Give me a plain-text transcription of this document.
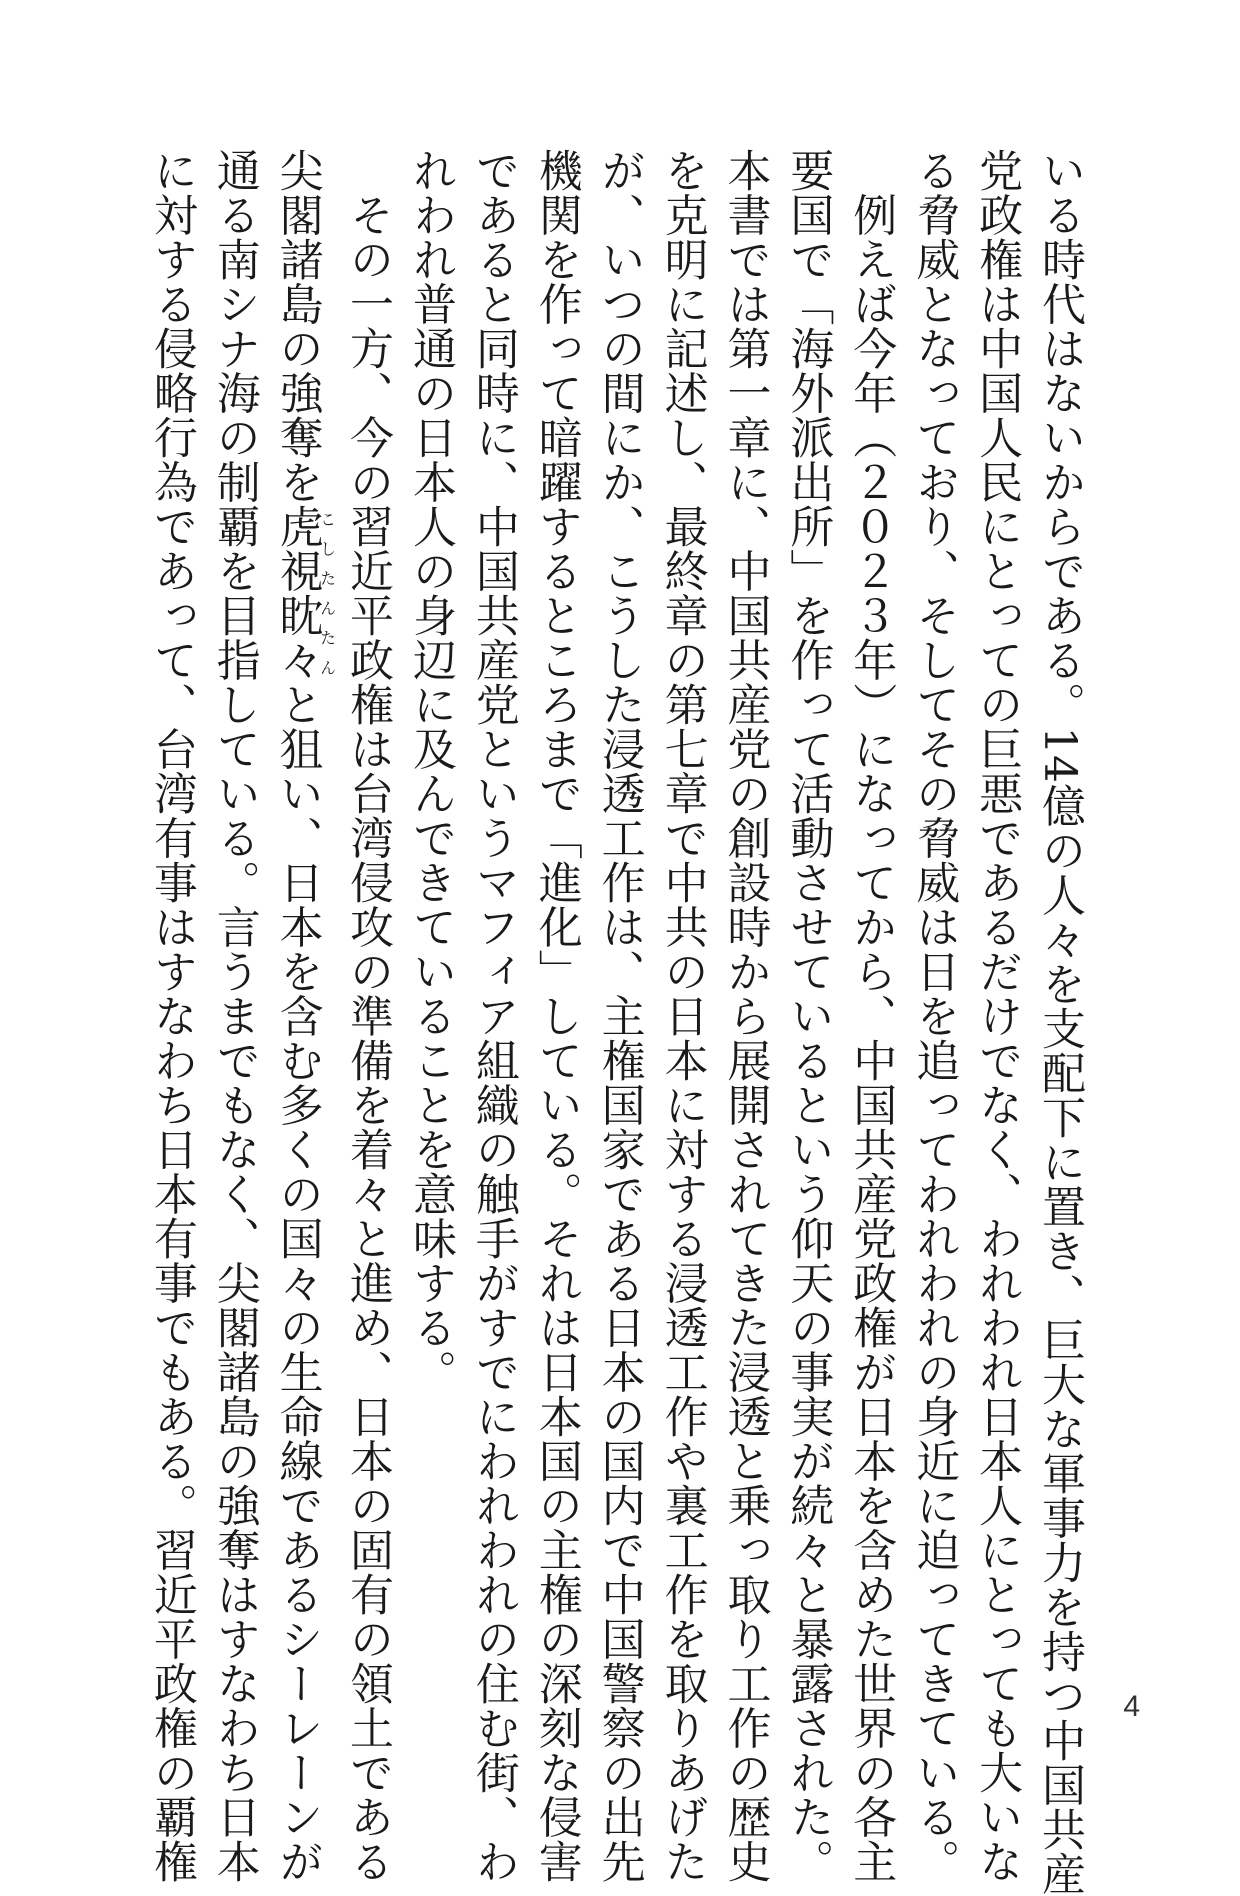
いる時代はないからである。14億の人々を支配下に置き、巨大な軍事力を持つ中国共産
党政権は中国人民にとっての巨悪であるだけでなく、われわれ日本人にとっても大いな
る脅威となっており、そしてその脅威は日を追ってわれわれの身近に迫ってきている。
　例えば今年（２０２３年）になってから、中国共産党政権が日本を含めた世界の各主
要国で「海外派出所」を作って活動させているという仰天の事実が続々と暴露された。
本書では第一章に、中国共産党の創設時から展開されてきた浸透と乗っ取り工作の歴史
を克明に記述し、最終章の第七章で中共の日本に対する浸透工作や裏工作を取りあげた
が、いつの間にか、こうした浸透工作は、主権国家である日本の国内で中国警察の出先
機関を作って暗躍するところまで「進化」している。それは日本国の主権の深刻な侵害
であると同時に、中国共産党というマフィア組織の触手がすでにわれわれの住む街、わ
れわれ普通の日本人の身辺に及んできていることを意味する。
　その一方、今の習近平政権は台湾侵攻の準備を着々と進め、日本の固有の領土である
尖閣諸島の強奪を虎視眈々こしたんたんと狙い、日本を含む多くの国々の生命線であるシーレーンが
通る南シナ海の制覇を目指している。言うまでもなく、尖閣諸島の強奪はすなわち日本
に対する侵略行為であって、台湾有事はすなわち日本有事でもある。習近平政権の覇権	4
